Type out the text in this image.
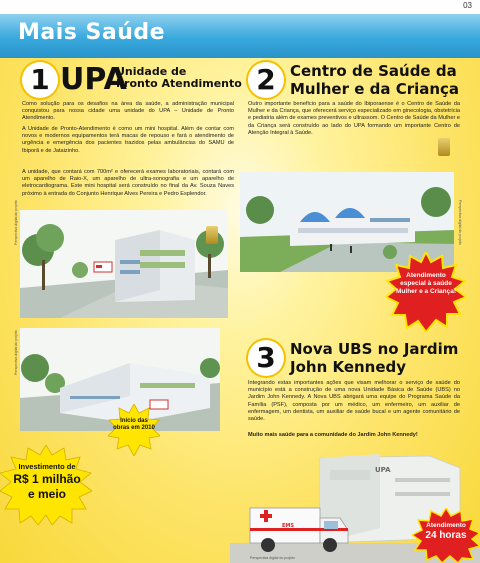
03
Mais Saúde
1 UPA
Unidade de
Pronto Atendimento
Como solução para os desafios na área da saúde, a administração municipal conquistou para nossa cidade uma unidade do UPA – Unidade de Pronto Atendimento.
A Unidade de Pronto-Atendimento é como um mini hospital. Além de contar com novos e modernos equipamentos terá macas de repouso e fará o atendimento de urgência e emergência dos pacientes trazidos pelas ambulâncias do SAMU de Ibiporã e de Jataizinho.
A unidade, que contará com 700m² e oferecerá exames laboratoriais, contará com um aparelho de Raio-X, um aparelho de ultra-sonografia e um aparelho de eletrocardiograma. Este mini hospital será construído no final da Av. Souza Naves próximo à entrada do Conjunto Henrique Alves Pereira e Pedro Esplendor.
Perspectiva digital do projeto
Perspectiva digital do projeto
Início das obras em 2010
Investimento de
R$ 1 milhão
e meio
2 Centro de Saúde da
Mulher e da Criança
Outro importante benefício para a saúde do Ibiporaense é o Centro de Saúde da Mulher e da Criança, que oferecerá serviço especializado em ginecologia, obstetrícia e pediatria além de exames preventivos e ultrassom. O Centro de Saúde da Mulher e da Criança será construído ao lado do UPA formando um importante Centro de Atenção Integral à Saúde.
Perspectiva digital do projeto
Atendimento especial à saúde Mulher e a Criança!
3 Nova UBS no Jardim
John Kennedy
Integrando estas importantes ações que visam melhorar o serviço de saúde do município está a construção de uma nova Unidade Básica de Saúde (UBS) no Jardim John Kennedy. A Nova UBS abrigará uma equipe do Programa Saúde da Família (PSF), composta por um médico, um enfermeiro, um auxiliar de enfermagem, um dentista, um auxiliar de saúde bucal e um agente comunitário de saúde.
Muito mais saúde para a comunidade do Jardim John Kennedy!
UPA
EMS
Perspectiva digital do projeto
Atendimento
24 horas
